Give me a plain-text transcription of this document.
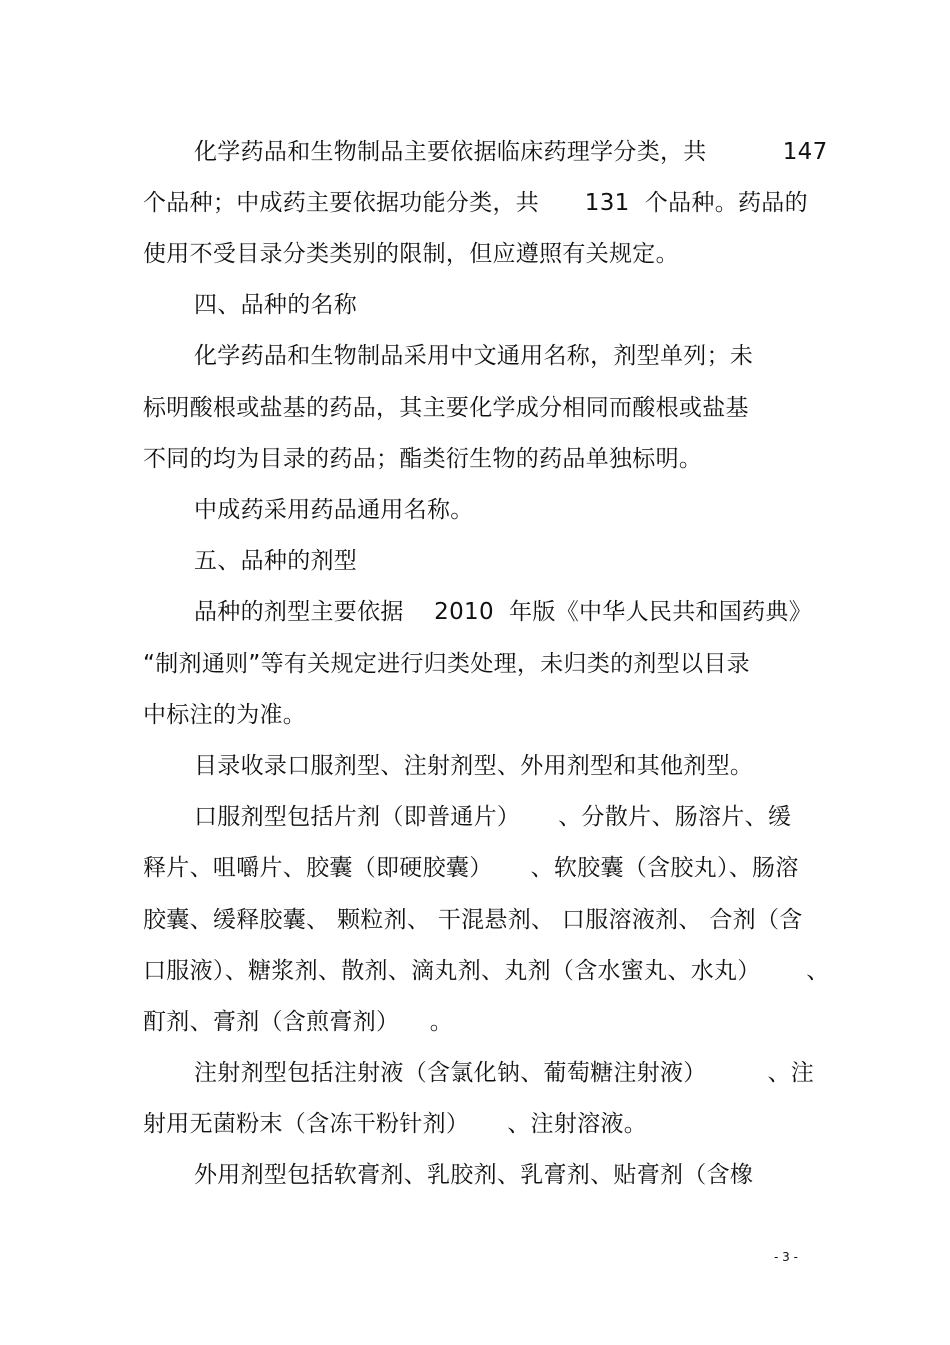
化学药品和生物制品主要依据临床药理学分类，共          147

个品种；中成药主要依据功能分类，共      131  个品种。药品的

使用不受目录分类类别的限制，但应遵照有关规定。

四、品种的名称

化学药品和生物制品采用中文通用名称，剂型单列；未

标明酸根或盐基的药品，其主要化学成分相同而酸根或盐基

不同的均为目录的药品；酯类衍生物的药品单独标明。

中成药采用药品通用名称。

五、品种的剂型

品种的剂型主要依据    2010  年版《中华人民共和国药典》

“制剂通则”等有关规定进行归类处理，未归类的剂型以目录

中标注的为准。

目录收录口服剂型、注射剂型、外用剂型和其他剂型。

口服剂型包括片剂（即普通片）     、分散片、肠溶片、缓

释片、咀嚼片、胶囊（即硬胶囊）     、软胶囊（含胶丸）、肠溶

胶囊、缓释胶囊、 颗粒剂、 干混悬剂、 口服溶液剂、 合剂（含

口服液）、糖浆剂、散剂、滴丸剂、丸剂（含水蜜丸、水丸）      、

酊剂、膏剂（含煎膏剂）    。

注射剂型包括注射液（含氯化钠、葡萄糖注射液）        、注

射用无菌粉末（含冻干粉针剂）     、注射溶液。

外用剂型包括软膏剂、乳胶剂、乳膏剂、贴膏剂（含橡

- 3 -
